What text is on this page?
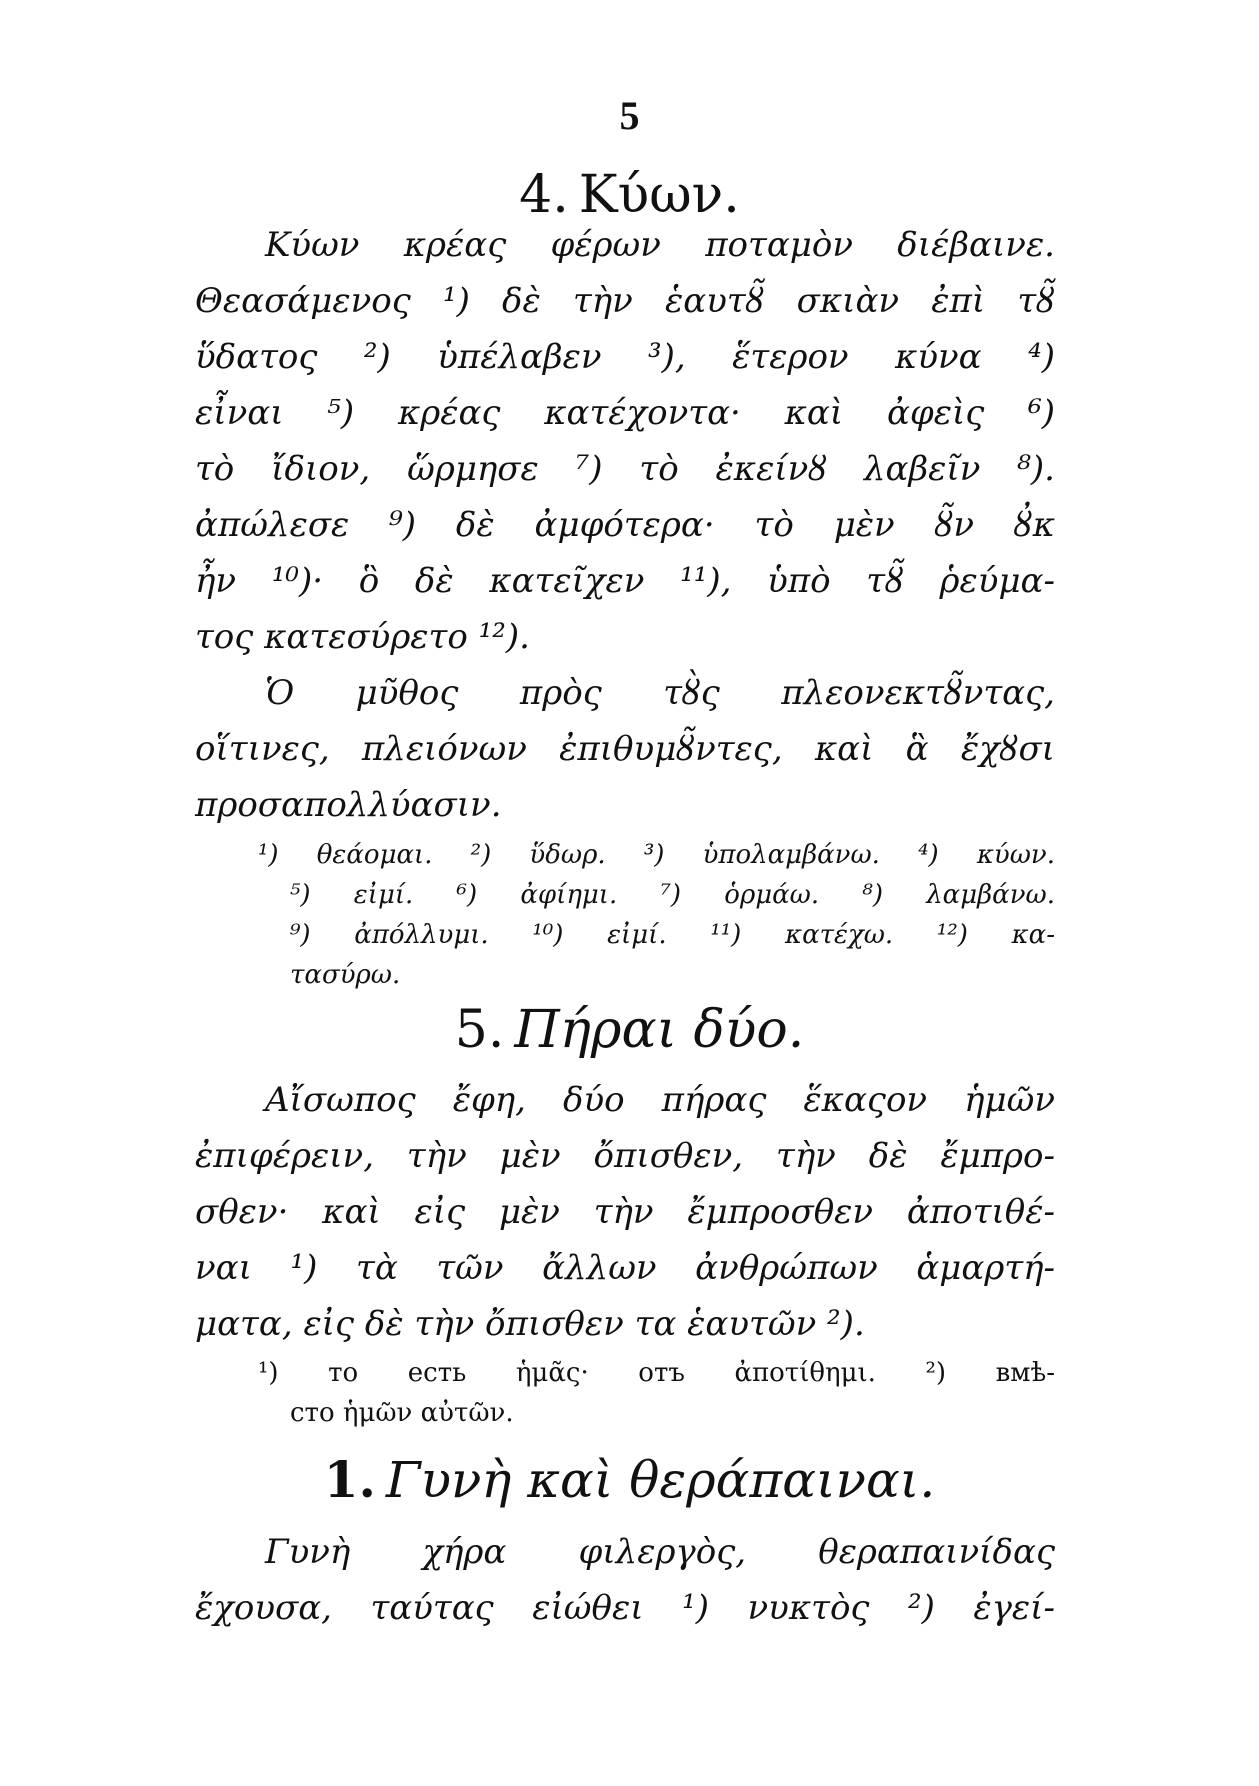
5
4. Κύων.
Κύων κρέας φέρων ποταμὸν διέβαινε.
Θεασάμενος ¹) δὲ τὴν ἑαυτȣ̃ σκιὰν ἐπὶ τȣ̃
ὕδατος ²) ὑπέλαβεν ³), ἕτερον κύνα ⁴)
εἶναι ⁵) κρέας κατέχοντα· καὶ ἀφεὶς ⁶)
τὸ ἴδιον, ὥρμησε ⁷) τὸ ἐκείνȣ λαβεῖν ⁸).
ἀπώλεσε ⁹) δὲ ἀμφότερα· τὸ μὲν ȣ̃ν ȣ̓κ
ἦν ¹⁰)· ὃ δὲ κατεῖχεν ¹¹), ὑπὸ τȣ̃ ῥεύμα-
τος κατεσύρετο ¹²).
Ὁ μῦθος πρὸς τȣ̀ς πλεονεκτȣ̃ντας,
οἵτινες, πλειόνων ἐπιθυμȣ̃ντες, καὶ ἃ ἔχȣσι
προσαπολλύασιν.
¹) θεάομαι. ²) ὕδωρ. ³) ὑπολαμβάνω. ⁴) κύων.
⁵) εἰμί. ⁶) ἀφίημι. ⁷) ὁρμάω. ⁸) λαμβάνω.
⁹) ἀπόλλυμι. ¹⁰) εἰμί. ¹¹) κατέχω. ¹²) κα-
τασύρω.
5. Πήραι δύο.
Αἴσωπος ἔφη, δύο πήρας ἕκαςον ἡμῶν
ἐπιφέρειν, τὴν μὲν ὄπισθεν, τὴν δὲ ἔμπρο-
σθεν· καὶ εἰς μὲν τὴν ἔμπροσθεν ἀποτιθέ-
ναι ¹) τὰ τῶν ἄλλων ἀνθρώπων ἁμαρτή-
ματα, εἰς δὲ τὴν ὄπισθεν τα ἑαυτῶν ²).
¹) то есть ἡμᾶς· отъ ἀποτίθημι. ²) вмѣ-
сто ἡμῶν αὐτῶν.
1. Γυνὴ καὶ θεράπαιναι.
Γυνὴ χήρα φιλεργὸς, θεραπαινίδας
ἔχουσα, ταύτας εἰώθει ¹) νυκτὸς ²) ἐγεί-
